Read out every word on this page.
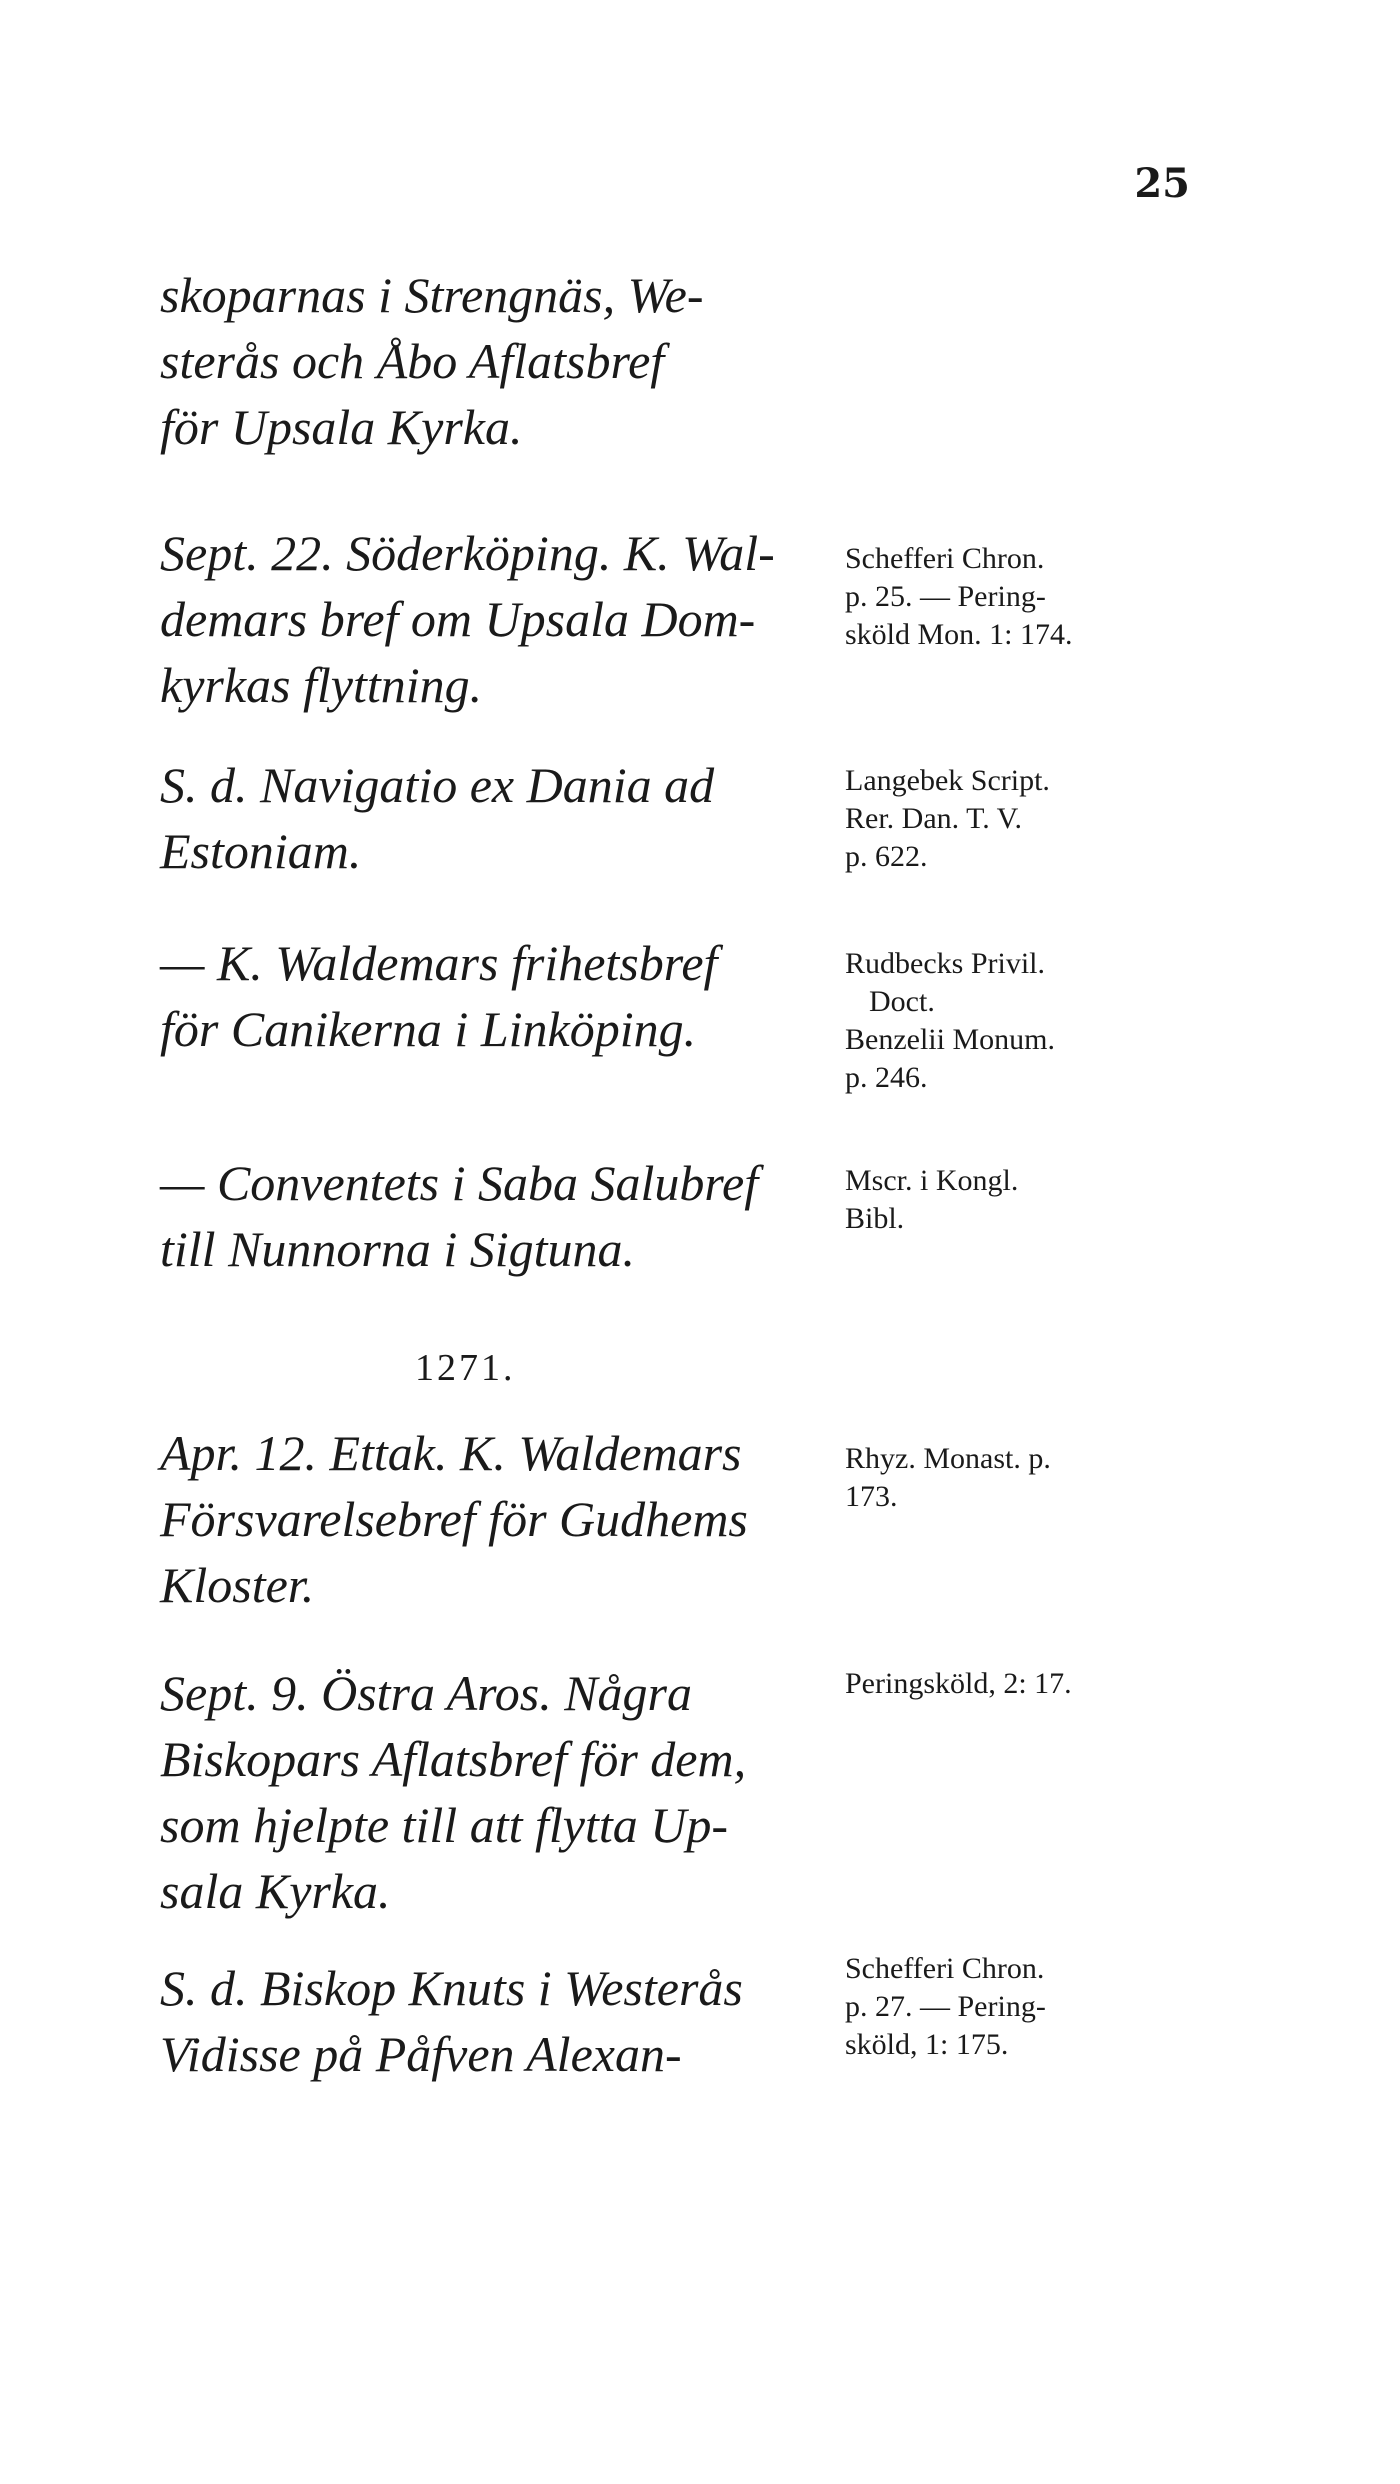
25
skoparnas i Strengnäs, We-
sterås och Åbo Aflatsbref
för Upsala Kyrka.
Sept. 22. Söderköping. K. Wal-
demars bref om Upsala Dom-
kyrkas flyttning.
Schefferi Chron.
p. 25. — Pering-
sköld Mon. 1: 174.
S. d. Navigatio ex Dania ad
Estoniam.
Langebek Script.
Rer. Dan. T. V.
p. 622.
— K. Waldemars frihetsbref
för Canikerna i Linköping.
Rudbecks Privil.
Doct.
Benzelii Monum.
p. 246.
— Conventets i Saba Salubref
till Nunnorna i Sigtuna.
Mscr. i Kongl.
Bibl.
1271.
Apr. 12. Ettak. K. Waldemars
Försvarelsebref för Gudhems
Kloster.
Rhyz. Monast. p.
173.
Sept. 9. Östra Aros. Några
Biskopars Aflatsbref för dem,
som hjelpte till att flytta Up-
sala Kyrka.
Peringsköld, 2: 17.
S. d. Biskop Knuts i Westerås
Vidisse på Påfven Alexan-
Schefferi Chron.
p. 27. — Pering-
sköld, 1: 175.
